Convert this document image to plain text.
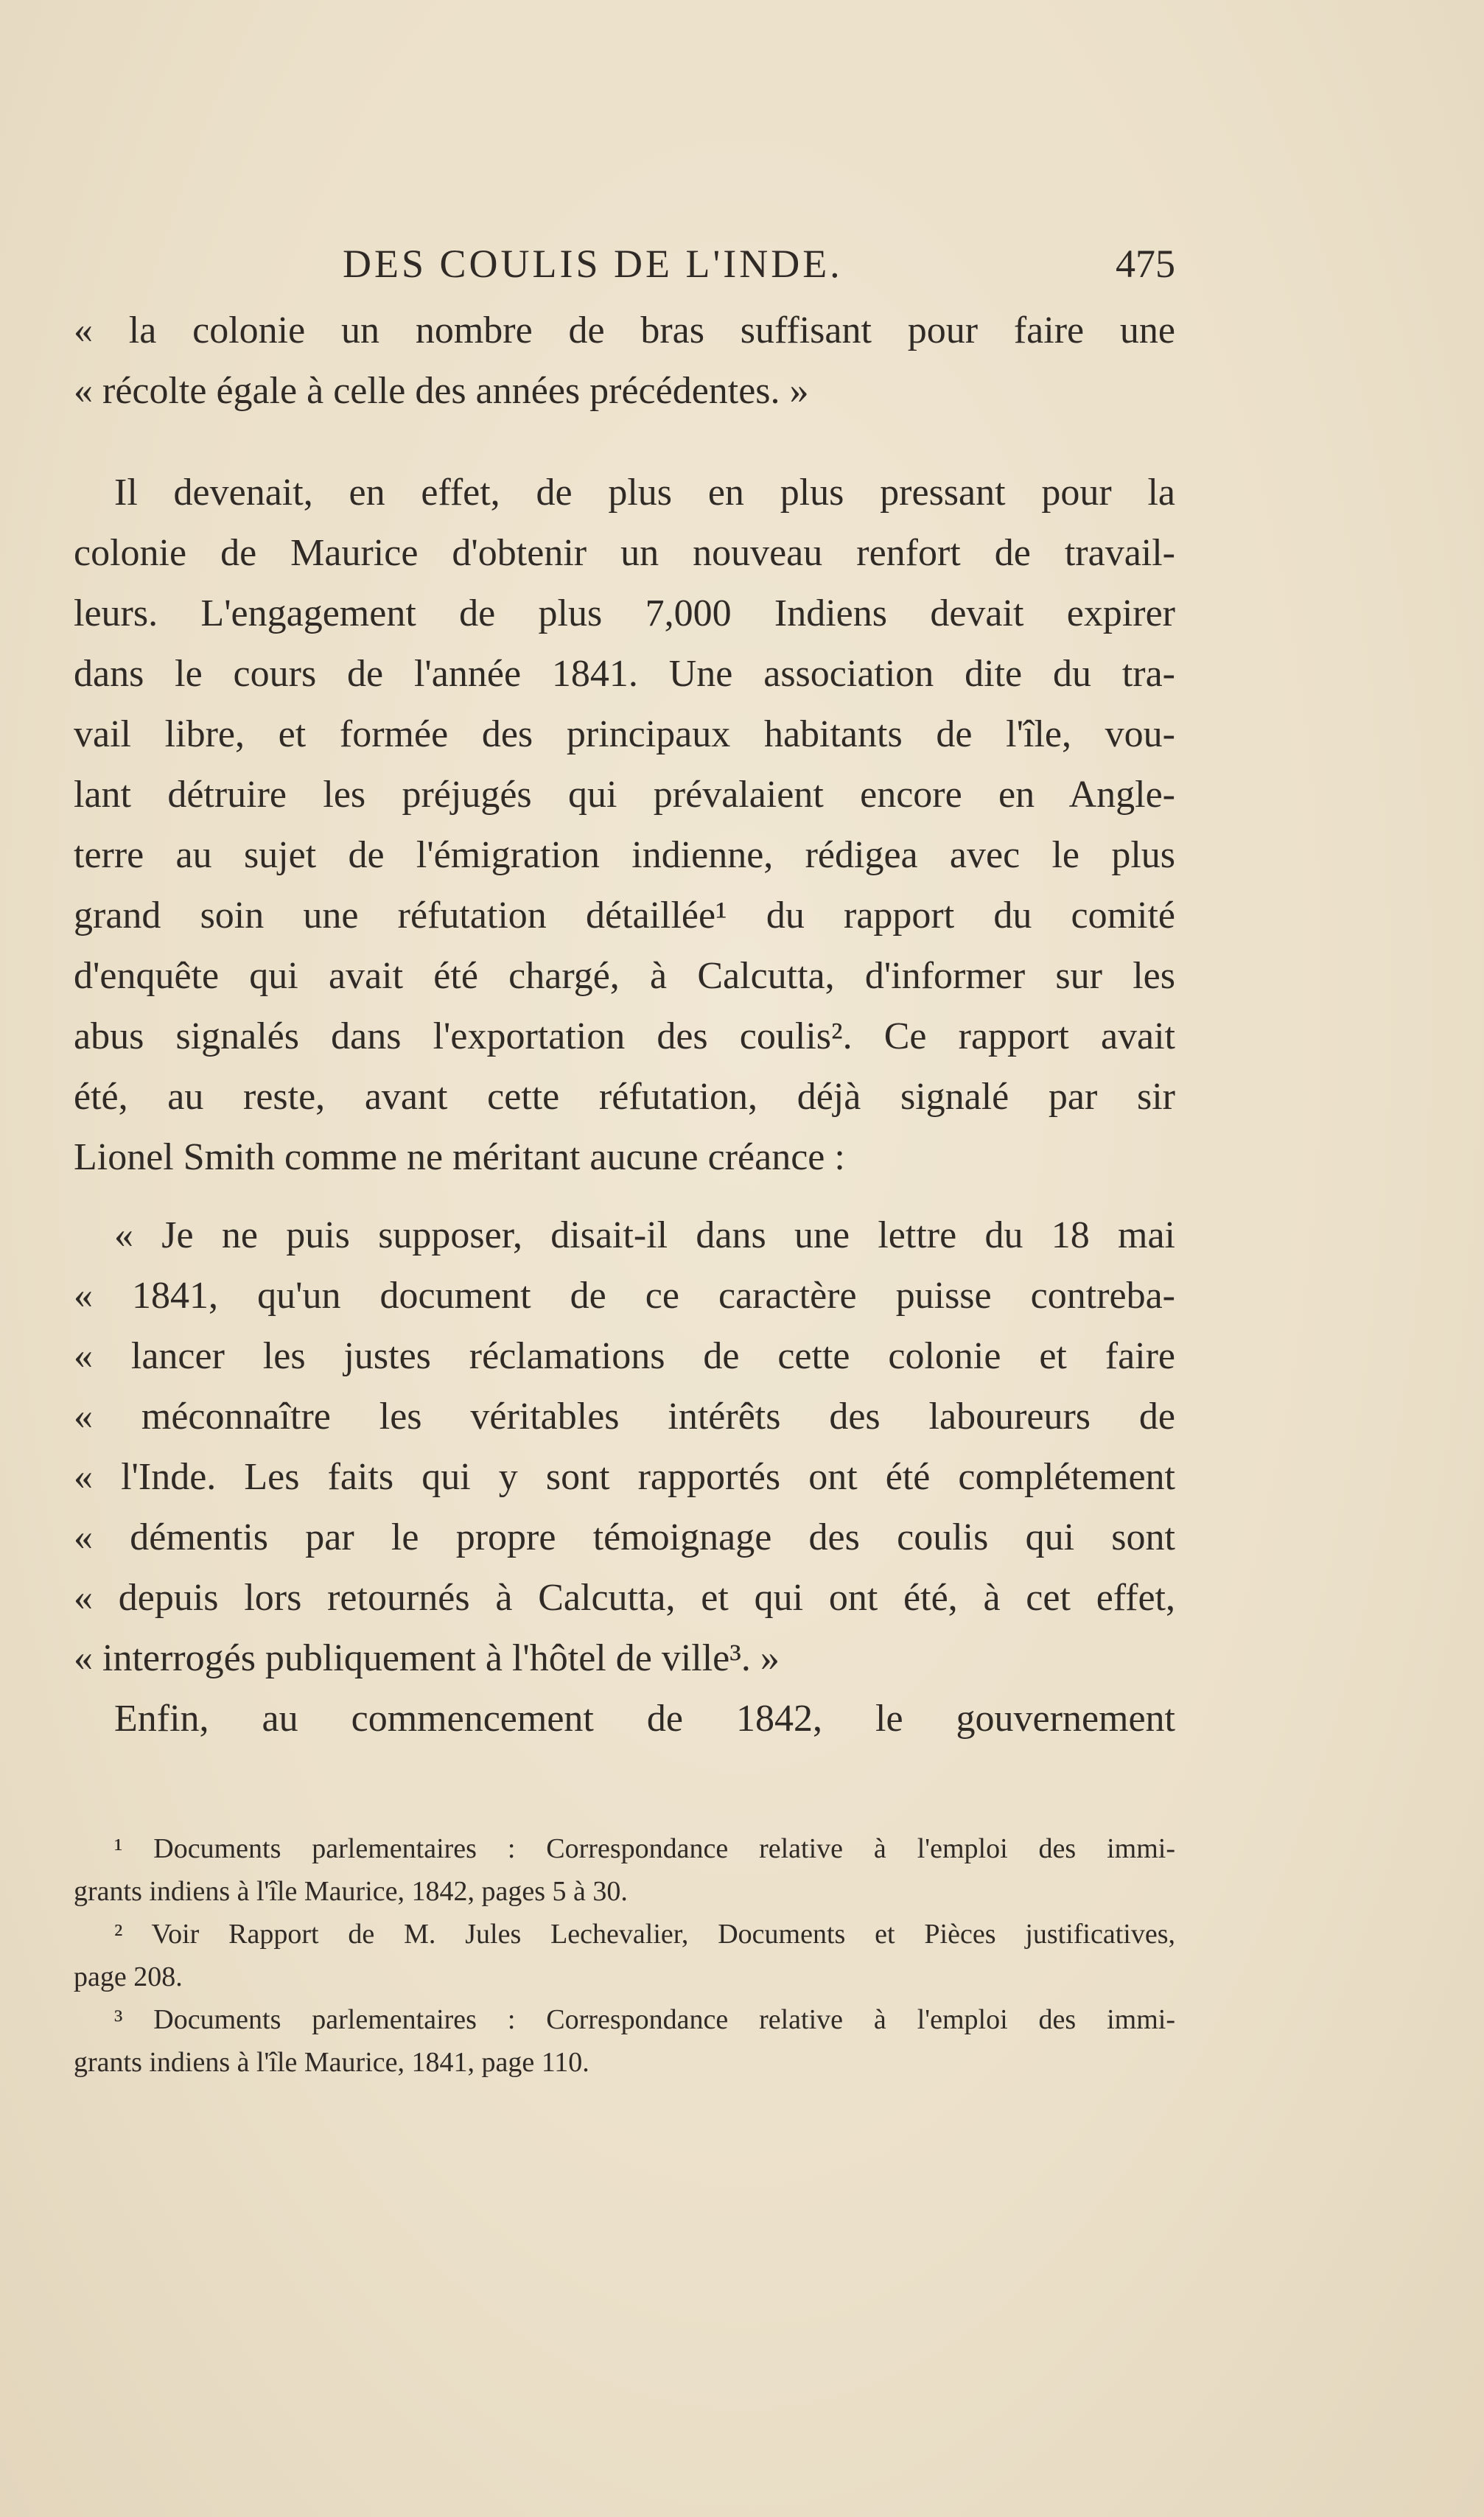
DES COULIS DE L'INDE.	475
« la colonie un nombre de bras suffisant pour faire une
« récolte égale à celle des années précédentes. »
Il devenait, en effet, de plus en plus pressant pour la
colonie de Maurice d'obtenir un nouveau renfort de travail-
leurs. L'engagement de plus 7,000 Indiens devait expirer
dans le cours de l'année 1841. Une association dite du tra-
vail libre, et formée des principaux habitants de l'île, vou-
lant détruire les préjugés qui prévalaient encore en Angle-
terre au sujet de l'émigration indienne, rédigea avec le plus
grand soin une réfutation détaillée¹ du rapport du comité
d'enquête qui avait été chargé, à Calcutta, d'informer sur les
abus signalés dans l'exportation des coulis². Ce rapport avait
été, au reste, avant cette réfutation, déjà signalé par sir
Lionel Smith comme ne méritant aucune créance :
« Je ne puis supposer, disait-il dans une lettre du 18 mai
« 1841, qu'un document de ce caractère puisse contreba-
« lancer les justes réclamations de cette colonie et faire
« méconnaître les véritables intérêts des laboureurs de
« l'Inde. Les faits qui y sont rapportés ont été complétement
« démentis par le propre témoignage des coulis qui sont
« depuis lors retournés à Calcutta, et qui ont été, à cet effet,
« interrogés publiquement à l'hôtel de ville³. »
Enfin, au commencement de 1842, le gouvernement
¹ Documents parlementaires : Correspondance relative à l'emploi des immi-
grants indiens à l'île Maurice, 1842, pages 5 à 30.
² Voir Rapport de M. Jules Lechevalier, Documents et Pièces justificatives,
page 208.
³ Documents parlementaires : Correspondance relative à l'emploi des immi-
grants indiens à l'île Maurice, 1841, page 110.
